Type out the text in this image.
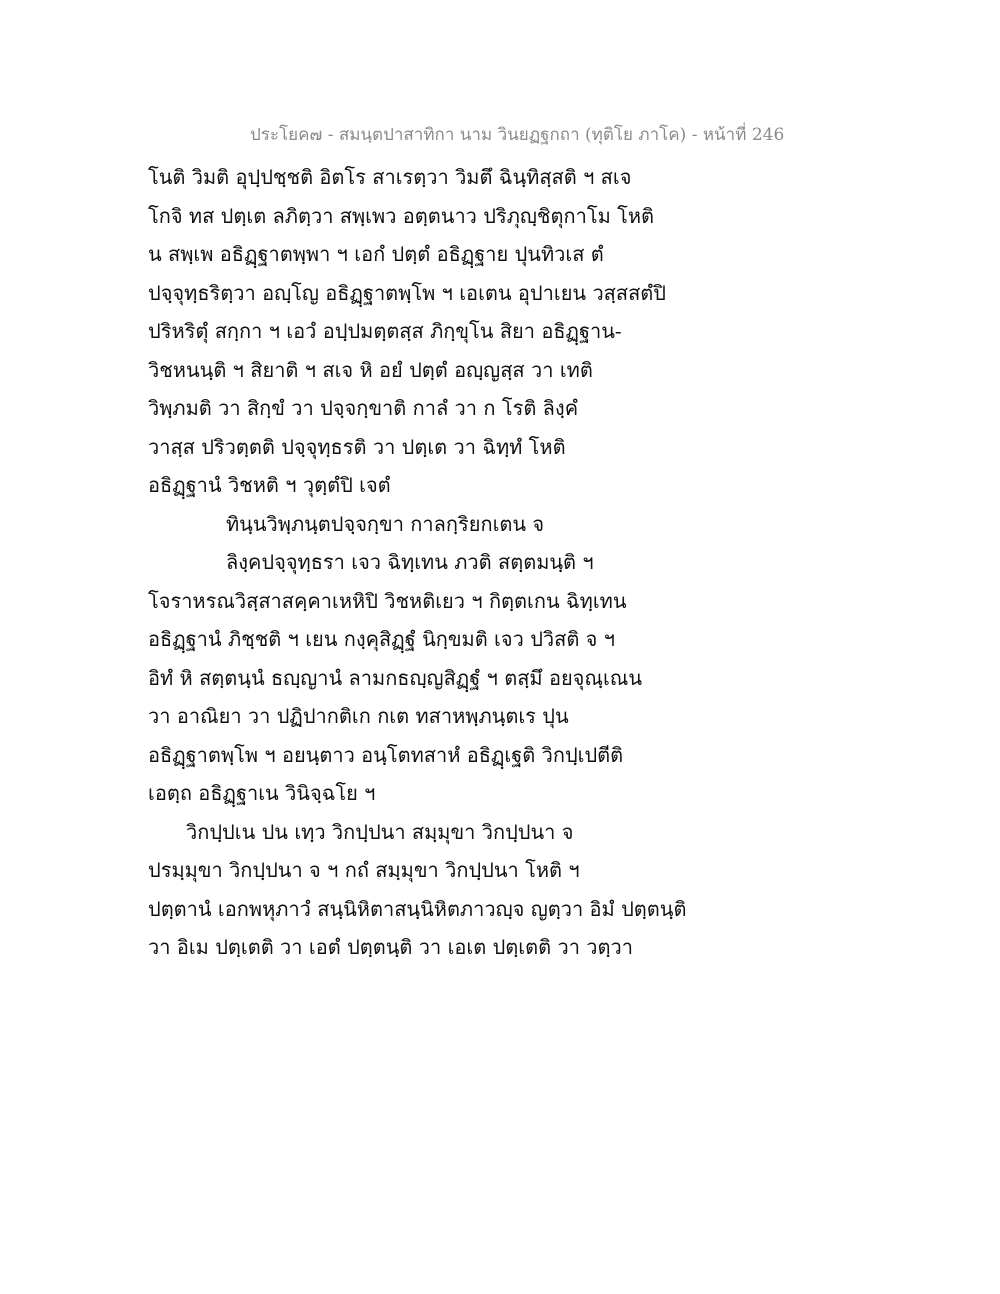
ประโยค๗ - สมนฺตปาสาทิกา นาม วินยฏฐกถา (ทุติโย ภาโค) - หน้าที่ 246
โนติ วิมติ อุปฺปชฺชติ อิตโร สาเรตฺวา วิมตึ ฉินฺทิสฺสติ ฯ สเจ
โกจิ ทส ปตฺเต ลภิตฺวา สพฺเพว อตฺตนาว ปริภุญฺชิตุกาโม โหติ
น สพฺเพ อธิฏฺฐาตพฺพา ฯ เอกํ ปตฺตํ อธิฏฺฐาย ปุนทิวเส ตํ
ปจฺจุทฺธริตฺวา อญฺโญ อธิฏฺฐาตพฺโพ ฯ เอเตน อุปาเยน วสฺสสตํปิ
ปริหริตุํ สกฺกา ฯ เอวํ อปฺปมตฺตสฺส ภิกฺขุโน สิยา อธิฏฺฐาน-
วิชหนนฺติ ฯ สิยาติ ฯ สเจ หิ อยํ ปตฺตํ อญฺญสฺส วา เทติ
วิพฺภมติ วา สิกฺขํ วา ปจฺจกฺขาติ กาลํ วา ก โรติ ลิงฺคํ
วาสฺส ปริวตฺตติ ปจฺจุทฺธรติ วา ปตฺเต วา ฉิทฺทํ โหติ
อธิฏฺฐานํ วิชหติ ฯ วุตฺตํปิ เจตํ
ทินฺนวิพฺภนฺตปจฺจกฺขา กาลกฺริยกเตน จ
ลิงฺคปจฺจุทฺธรา เจว ฉิทฺเทน ภวติ สตฺตมนฺติ ฯ
โจราหรณวิสฺสาสคฺคาเหหิปิ วิชหติเยว ฯ กิตฺตเกน ฉิทฺเทน
อธิฏฺฐานํ ภิชฺชติ ฯ เยน กงฺคุสิฏฺฐํ นิกฺขมติ เจว ปวิสติ จ ฯ
อิทํ หิ สตฺตนฺนํ ธญฺญานํ ลามกธญฺญสิฏฺฐํ ฯ ตสฺมึ อยจุณฺเณน
วา อาณิยา วา ปฏิปากติเก กเต ทสาหพฺภนฺตเร ปุน
อธิฏฺฐาตพฺโพ ฯ อยนฺตาว อนฺโตทสาหํ อธิฏฺเฐติ วิกปฺเปตีติ
เอตฺถ อธิฏฺฐาเน วินิจฺฉโย ฯ
วิกปฺปเน ปน เทฺว วิกปฺปนา สมฺมุขา วิกปฺปนา จ
ปรมฺมุขา วิกปฺปนา จ ฯ กถํ สมฺมุขา วิกปฺปนา โหติ ฯ
ปตฺตานํ เอกพหุภาวํ สนฺนิหิตาสนฺนิหิตภาวญฺจ ญตฺวา อิมํ ปตฺตนฺติ
วา อิเม ปตฺเตติ วา เอตํ ปตฺตนฺติ วา เอเต ปตฺเตติ วา วตฺวา
